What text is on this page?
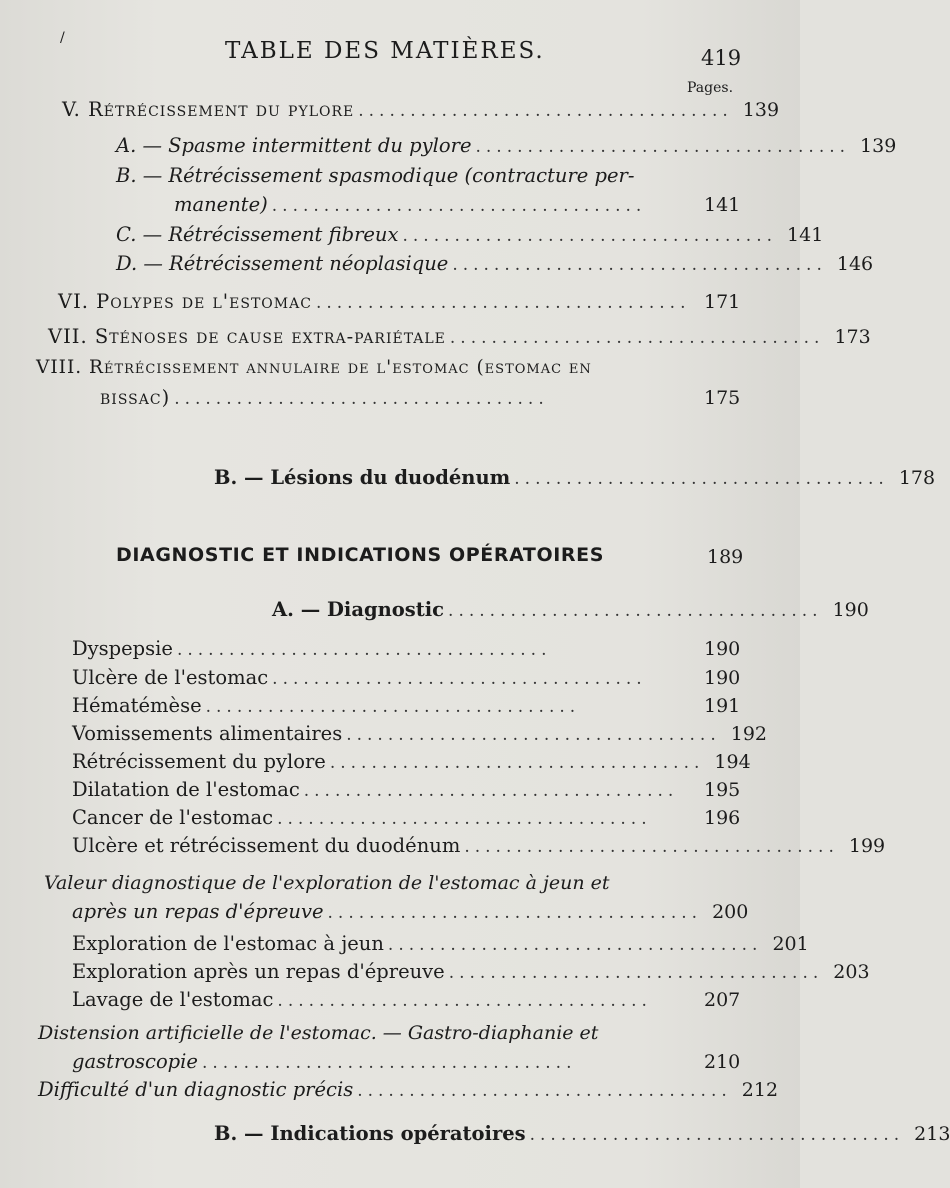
/	TABLE DES MATIÈRES.	419
Pages.
V. Rétrécissement du pylore .................................... 139
A. — Spasme intermittent du pylore .................................... 139
B. — Rétrécissement spasmodique (contracture per-
manente) ....................................	141
C. — Rétrécissement fibreux .................................... 141
D. — Rétrécissement néoplasique .................................... 146
VI. Polypes de l'estomac .................................... 171
VII. Sténoses de cause extra-pariétale .................................... 173
VIII. Rétrécissement annulaire de l'estomac (estomac en
bissac) ....................................	175
B. — Lésions du duodénum .................................... 178
DIAGNOSTIC ET INDICATIONS OPÉRATOIRES	189
A. — Diagnostic .................................... 190
Dyspepsie ....................................	190
Ulcère de l'estomac ....................................	190
Hématémèse ....................................	191
Vomissements alimentaires .................................... 192
Rétrécissement du pylore .................................... 194
Dilatation de l'estomac ....................................	195
Cancer de l'estomac ....................................	196
Ulcère et rétrécissement du duodénum .................................... 199
Valeur diagnostique de l'exploration de l'estomac à jeun et
après un repas d'épreuve .................................... 200
Exploration de l'estomac à jeun .................................... 201
Exploration après un repas d'épreuve .................................... 203
Lavage de l'estomac ....................................	207
Distension artificielle de l'estomac. — Gastro-diaphanie et
gastroscopie ....................................	210
Difficulté d'un diagnostic précis .................................... 212
B. — Indications opératoires .................................... 213
